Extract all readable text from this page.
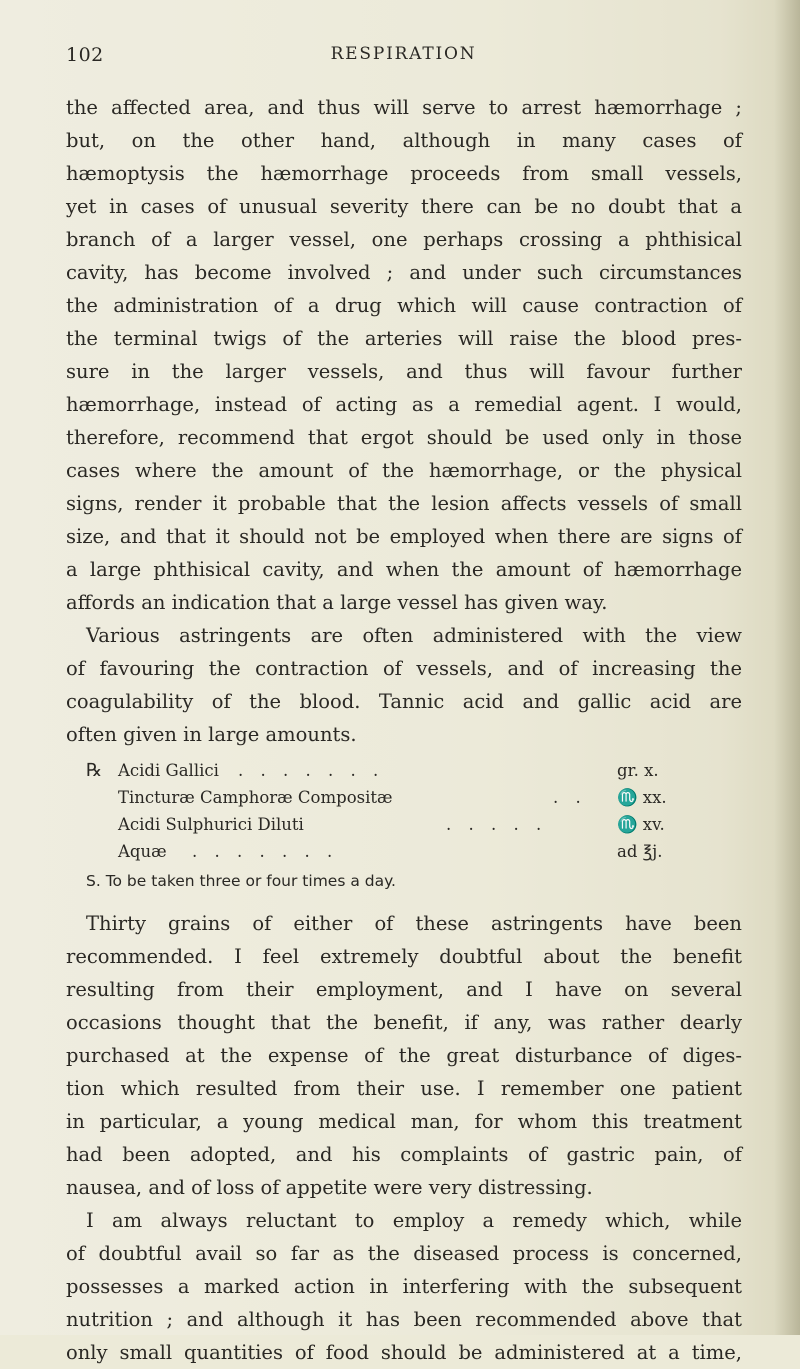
102	RESPIRATION
the affected area, and thus will serve to arrest hæmorrhage ;
but, on the other hand, although in many cases of
hæmoptysis the hæmorrhage proceeds from small vessels,
yet in cases of unusual severity there can be no doubt that a
branch of a larger vessel, one perhaps crossing a phthisical
cavity, has become involved ; and under such circumstances
the administration of a drug which will cause contraction of
the terminal twigs of the arteries will raise the blood pres-
sure in the larger vessels, and thus will favour further
hæmorrhage, instead of acting as a remedial agent. I would,
therefore, recommend that ergot should be used only in those
cases where the amount of the hæmorrhage, or the physical
signs, render it probable that the lesion affects vessels of small
size, and that it should not be employed when there are signs of
a large phthisical cavity, and when the amount of hæmorrhage
affords an indication that a large vessel has given way.
Various astringents are often administered with the view
of favouring the contraction of vessels, and of increasing the
coagulability of the blood. Tannic acid and gallic acid are
often given in large amounts.
℞ Acidi Gallici . . . . . . .	gr. x.
Tincturæ Camphoræ Compositæ	. . ♏ xx.
Acidi Sulphurici Diluti	. . . . .	♏ xv.
Aquæ . . . . . . .	ad ℥j.
S. To be taken three or four times a day.
Thirty grains of either of these astringents have been
recommended. I feel extremely doubtful about the benefit
resulting from their employment, and I have on several
occasions thought that the benefit, if any, was rather dearly
purchased at the expense of the great disturbance of diges-
tion which resulted from their use. I remember one patient
in particular, a young medical man, for whom this treatment
had been adopted, and his complaints of gastric pain, of
nausea, and of loss of appetite were very distressing.
I am always reluctant to employ a remedy which, while
of doubtful avail so far as the diseased process is concerned,
possesses a marked action in interfering with the subsequent
nutrition ; and although it has been recommended above that
only small quantities of food should be administered at a time,
